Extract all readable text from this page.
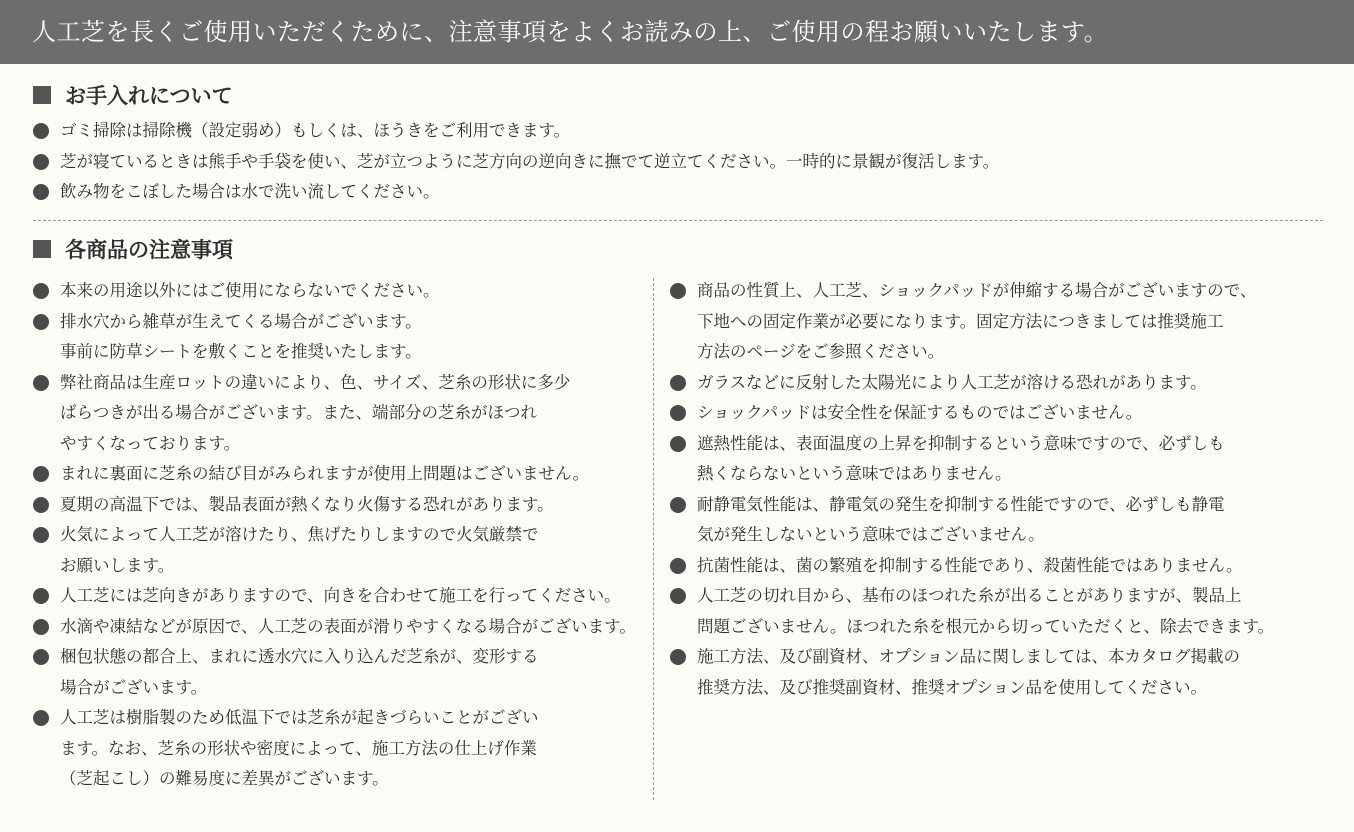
人工芝を長くご使用いただくために、注意事項をよくお読みの上、ご使用の程お願いいたします。
お手入れについて
ゴミ掃除は掃除機（設定弱め）もしくは、ほうきをご利用できます。
芝が寝ているときは熊手や手袋を使い、芝が立つように芝方向の逆向きに撫でて逆立てください。一時的に景観が復活します。
飲み物をこぼした場合は水で洗い流してください。
各商品の注意事項
本来の用途以外にはご使用にならないでください。
排水穴から雑草が生えてくる場合がございます。
事前に防草シートを敷くことを推奨いたします。
弊社商品は生産ロットの違いにより、色、サイズ、芝糸の形状に多少
ばらつきが出る場合がございます。また、端部分の芝糸がほつれ
やすくなっております。
まれに裏面に芝糸の結び目がみられますが使用上問題はございません。
夏期の高温下では、製品表面が熱くなり火傷する恐れがあります。
火気によって人工芝が溶けたり、焦げたりしますので火気厳禁で
お願いします。
人工芝には芝向きがありますので、向きを合わせて施工を行ってください。
水滴や凍結などが原因で、人工芝の表面が滑りやすくなる場合がございます。
梱包状態の都合上、まれに透水穴に入り込んだ芝糸が、変形する
場合がございます。
人工芝は樹脂製のため低温下では芝糸が起きづらいことがござい
ます。なお、芝糸の形状や密度によって、施工方法の仕上げ作業
（芝起こし）の難易度に差異がございます。
商品の性質上、人工芝、ショックパッドが伸縮する場合がございますので、
下地への固定作業が必要になります。固定方法につきましては推奨施工
方法のページをご参照ください。
ガラスなどに反射した太陽光により人工芝が溶ける恐れがあります。
ショックパッドは安全性を保証するものではございません。
遮熱性能は、表面温度の上昇を抑制するという意味ですので、必ずしも
熱くならないという意味ではありません。
耐静電気性能は、静電気の発生を抑制する性能ですので、必ずしも静電
気が発生しないという意味ではございません。
抗菌性能は、菌の繁殖を抑制する性能であり、殺菌性能ではありません。
人工芝の切れ目から、基布のほつれた糸が出ることがありますが、製品上
問題ございません。ほつれた糸を根元から切っていただくと、除去できます。
施工方法、及び副資材、オプション品に関しましては、本カタログ掲載の
推奨方法、及び推奨副資材、推奨オプション品を使用してください。
